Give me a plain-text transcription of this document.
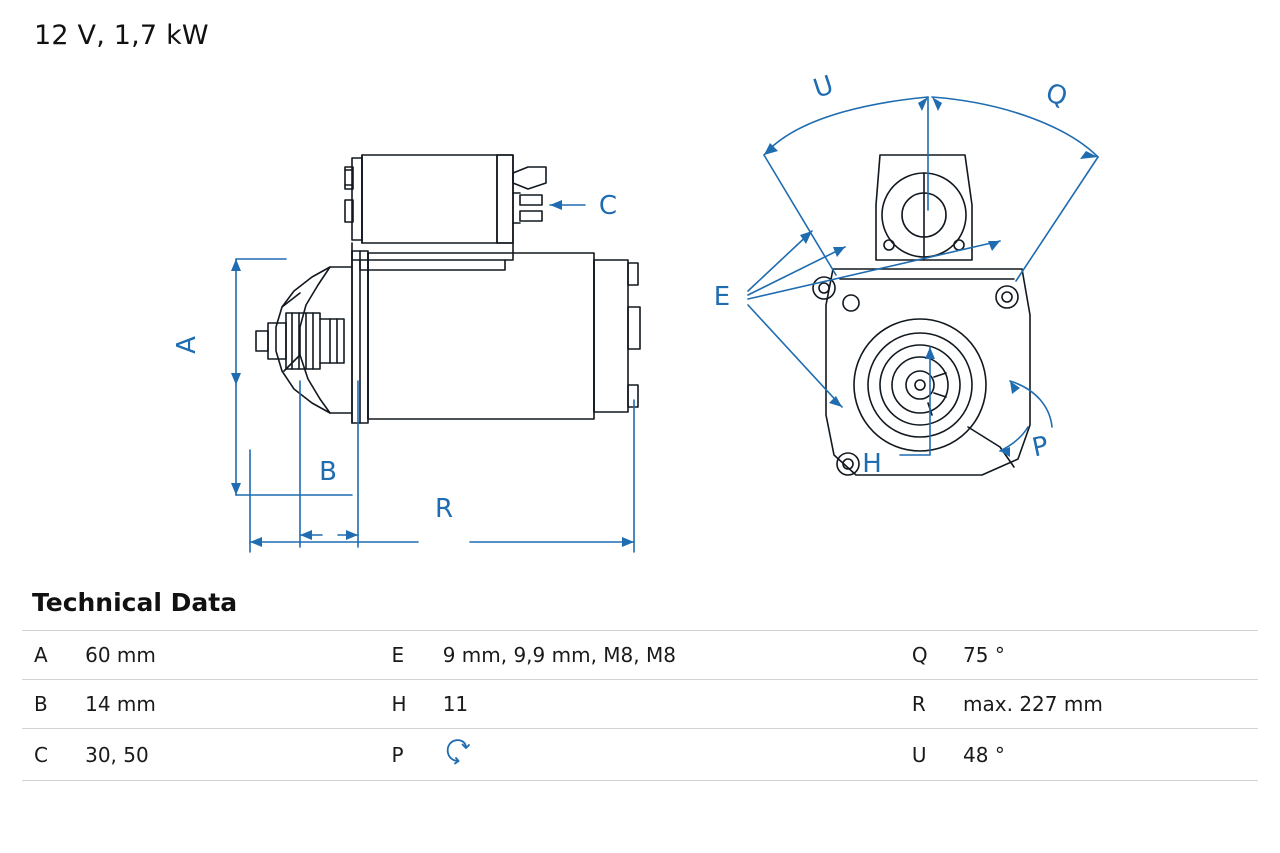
12 V, 1,7 kW
A
B
C
R
E
H
P
U	Q
Technical Data
A	60 mm	E	9 mm, 9,9 mm, M8, M8	Q	75 °
B	14 mm	H	11	R	max. 227 mm
C	30, 50	P		U	48 °
